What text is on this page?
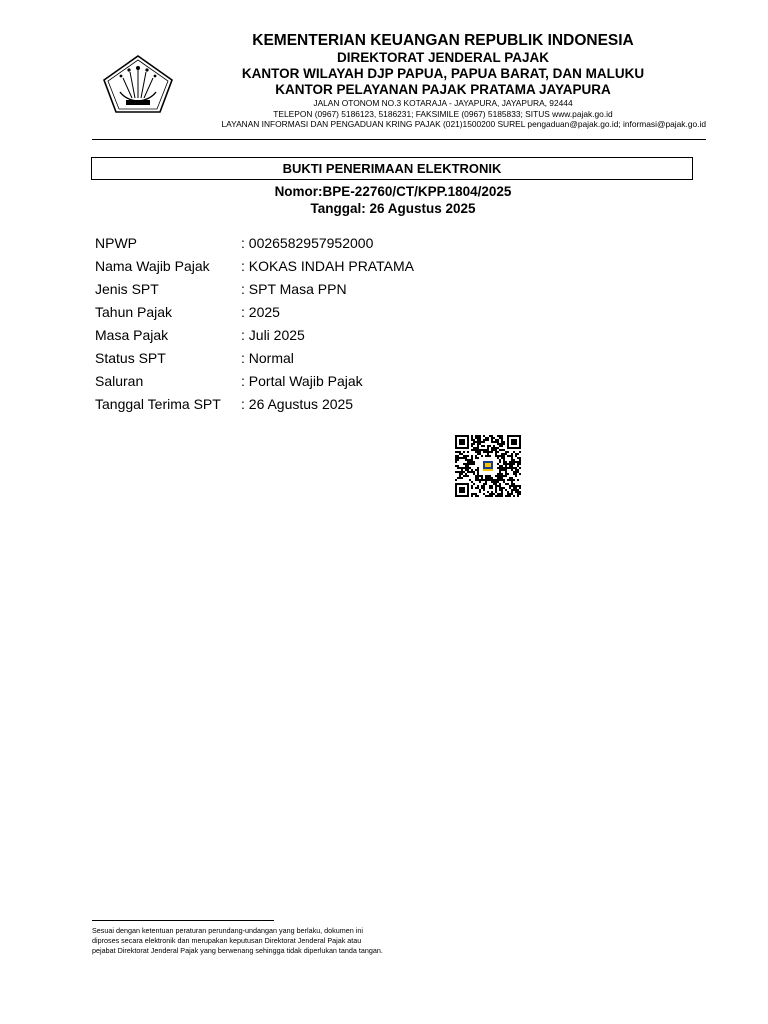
KEMENTERIAN KEUANGAN REPUBLIK INDONESIA
DIREKTORAT JENDERAL PAJAK
KANTOR WILAYAH DJP PAPUA, PAPUA BARAT, DAN MALUKU
KANTOR PELAYANAN PAJAK PRATAMA JAYAPURA
JALAN OTONOM NO.3 KOTARAJA - JAYAPURA, JAYAPURA, 92444
TELEPON (0967) 5186123, 5186231; FAKSIMILE (0967) 5185833; SITUS www.pajak.go.id
LAYANAN INFORMASI DAN PENGADUAN KRING PAJAK (021)1500200 SUREL pengaduan@pajak.go.id; informasi@pajak.go.id
BUKTI PENERIMAAN ELEKTRONIK
Nomor:BPE-22760/CT/KPP.1804/2025
Tanggal: 26 Agustus 2025
NPWP	: 0026582957952000
Nama Wajib Pajak	: KOKAS INDAH PRATAMA
Jenis SPT	: SPT Masa PPN
Tahun Pajak	: 2025
Masa Pajak	: Juli 2025
Status SPT	: Normal
Saluran	: Portal Wajib Pajak
Tanggal Terima SPT	: 26 Agustus 2025
Sesuai dengan ketentuan peraturan perundang-undangan yang berlaku, dokumen ini
diproses secara elektronik dan merupakan keputusan Direktorat Jenderal Pajak atau
pejabat Direktorat Jenderal Pajak yang berwenang sehingga tidak diperlukan tanda tangan.
